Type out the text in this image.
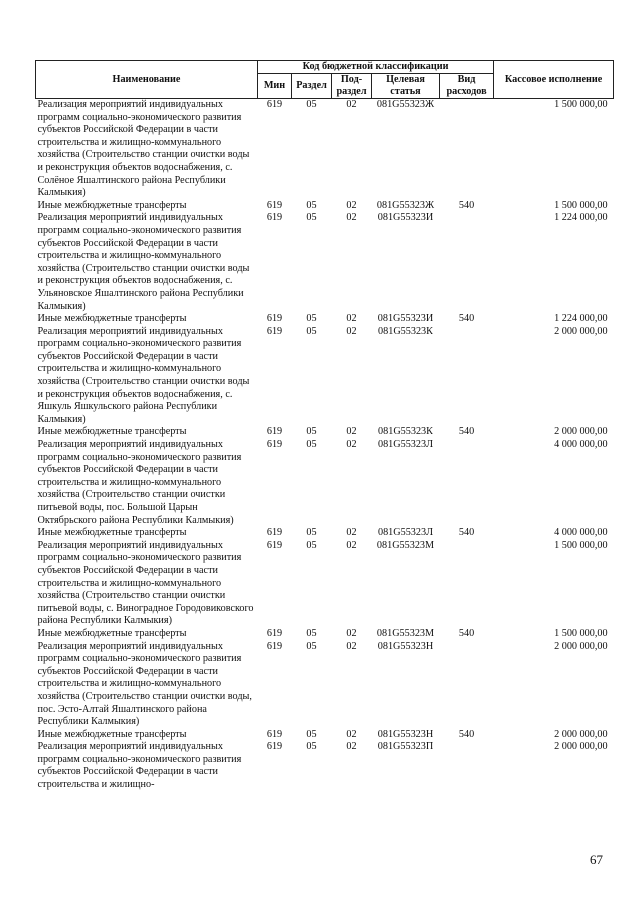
Наименование	Код бюджетной классификации					Кассовое исполнение
	Мин	Раздел	Под-раздел	Целевая статья	Вид расходов	
Реализация мероприятий индивидуальных программ социально-экономического развития субъектов Российской Федерации в части строительства и жилищно-коммунального хозяйства (Строительство станции очистки воды и реконструкция объектов водоснабжения, с. Солёное Яшалтинского района Республики Калмыкия)	619	05	02	081G55323Ж		1 500 000,00
Иные межбюджетные трансферты	619	05	02	081G55323Ж	540	1 500 000,00
Реализация мероприятий индивидуальных программ социально-экономического развития субъектов Российской Федерации в части строительства и жилищно-коммунального хозяйства (Строительство станции очистки воды и реконструкция объектов водоснабжения, с. Ульяновское Яшалтинского района Республики Калмыкия)	619	05	02	081G55323И		1 224 000,00
Иные межбюджетные трансферты	619	05	02	081G55323И	540	1 224 000,00
Реализация мероприятий индивидуальных программ социально-экономического развития субъектов Российской Федерации в части строительства и жилищно-коммунального хозяйства (Строительство станции очистки воды и реконструкция объектов водоснабжения, с. Яшкуль Яшкульского района Республики Калмыкия)	619	05	02	081G55323К		2 000 000,00
Иные межбюджетные трансферты	619	05	02	081G55323К	540	2 000 000,00
Реализация мероприятий индивидуальных программ социально-экономического развития субъектов Российской Федерации в части строительства и жилищно-коммунального хозяйства (Строительство станции очистки питьевой воды, пос. Большой Царын Октябрьского района Республики Калмыкия)	619	05	02	081G55323Л		4 000 000,00
Иные межбюджетные трансферты	619	05	02	081G55323Л	540	4 000 000,00
Реализация мероприятий индивидуальных программ социально-экономического развития субъектов Российской Федерации в части строительства и жилищно-коммунального хозяйства (Строительство станции очистки питьевой воды, с. Виноградное Городовиковского района Республики Калмыкия)	619	05	02	081G55323М		1 500 000,00
Иные межбюджетные трансферты	619	05	02	081G55323М	540	1 500 000,00
Реализация мероприятий индивидуальных программ социально-экономического развития субъектов Российской Федерации в части строительства и жилищно-коммунального хозяйства (Строительство станции очистки воды, пос. Эсто-Алтай Яшалтинского района Республики Калмыкия)	619	05	02	081G55323Н		2 000 000,00
Иные межбюджетные трансферты	619	05	02	081G55323Н	540	2 000 000,00
Реализация мероприятий индивидуальных программ социально-экономического развития субъектов Российской Федерации в части строительства и жилищно-	619	05	02	081G55323П		2 000 000,00
67
